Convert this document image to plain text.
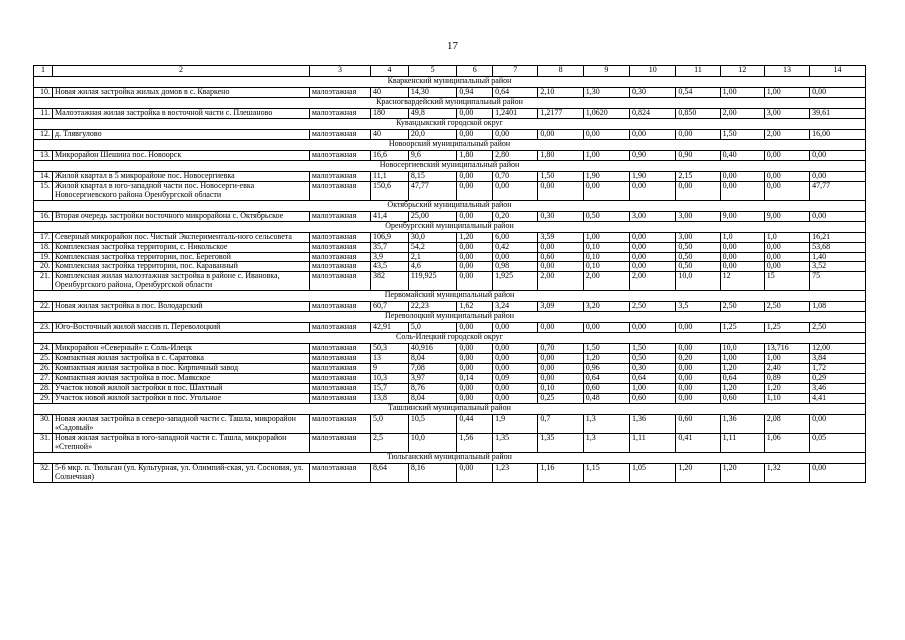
17
1	2	3	4	5	6	7	8	9	10	11	12	13	14
Кваркенский муниципальный район													
10.	Новая жилая застройка жилых домов в с. Кваркено	малоэтажная	40	14,30	0,94	0,64	2,10	1,30	0,30	0,54	1,00	1,00	0,00
Красногвардейский муниципальный район													
11.	Малоэтажная жилая застройка в восточной части с. Плешаново	малоэтажная	180	49,8	0,00	1,2401	1,2177	1,0620	0,824	0,850	2,00	3,00	39,61
Кувандыкский городской округ													
12.	д. Тлявгулово	малоэтажная	40	20,0	0,00	0,00	0,00	0,00	0,00	0,00	1,50	2,00	16,00
Новоорский муниципальный район													
13.	Микрорайон Шешина пос. Новоорск	малоэтажная	16,6	9,6	1,80	2,80	1,80	1,00	0,90	0,90	0,40	0,00	0,00
Новосергиевский муниципальный район													
14.	Жилой квартал в 5 микрорайоне пос. Новосергиевка	малоэтажная	11,1	8,15	0,00	0,70	1,50	1,90	1,90	2,15	0,00	0,00	0,00
15.	Жилой квартал в юго-западной части пос. Новосерги-евка Новосергиевского района Оренбургской области	малоэтажная	150,6	47,77	0,00	0,00	0,00	0,00	0,00	0,00	0,00	0,00	47,77
Октябрьский муниципальный район													
16.	Вторая очередь застройки восточного микрорайона с. Октябрьское	малоэтажная	41,4	25,00	0,00	0,20	0,30	0,50	3,00	3,00	9,00	9,00	0,00
Оренбургский муниципальный район													
17.	Северный микрорайон пос. Чистый Эксперименталь-ного сельсовета	малоэтажная	106,9	30,0	1,20	6,00	3,59	1,00	0,00	3,00	1,0	1,0	16,21
18.	Комплексная застройка территории, с. Никольское	малоэтажная	35,7	54,2	0,00	0,42	0,00	0,10	0,00	0,50	0,00	0,00	53,68
19.	Комплексная застройка территории, пос. Береговой	малоэтажная	3,9	2,1	0,00	0,00	0,60	0,10	0,00	0,50	0,00	0,00	1,40
20.	Комплексная застройка территории, пос. Караванный	малоэтажная	43,5	4,6	0,00	0,98	0,00	0,10	0,00	0,50	0,00	0,00	3,52
21.	Комплексная жилая малоэтажная застройка в районе с. Ивановка, Оренбургского района, Оренбургской области	малоэтажная	382	119,925	0,00	1,925	2,00	2,00	2,00	10,0	12	15	75
Первомайский муниципальный район													
22.	Новая жилая застройка в пос. Володарский	малоэтажная	60,7	22,23	1,62	3,24	3,09	3,20	2,50	3,5	2,50	2,50	1,08
Переволоцкий муниципальный район													
23.	Юго-Восточный жилой массив п. Переволоцкий	малоэтажная	42,91	5,0	0,00	0,00	0,00	0,00	0,00	0,00	1,25	1,25	2,50
Соль-Илецкий городской округ													
24.	Микрорайон «Северный» г. Соль-Илецк	малоэтажная	50,3	40,916	0,00	0,00	0,70	1,50	1,50	0,00	10,0	13,716	12,00
25.	Компактная жилая застройка в с. Саратовка	малоэтажная	13	8,04	0,00	0,00	0,00	1,20	0,50	0,20	1,00	1,00	3,84
26.	Компактная жилая застройка в пос. Кирпичный завод	малоэтажная	9	7,08	0,00	0,00	0,00	0,96	0,30	0,00	1,20	2,40	1,72
27.	Компактная жилая застройка в пос. Маякское	малоэтажная	10,3	3,97	0,14	0,09	0,00	0,64	0,64	0,00	0,64	0,89	0,29
28.	Участок новой жилой застройки в пос. Шахтный	малоэтажная	15,7	8,76	0,00	0,00	0,10	0,60	1,00	0,00	1,20	1,20	3,46
29.	Участок новой жилой застройки в пос. Угольное	малоэтажная	13,8	8,04	0,00	0,00	0,25	0,48	0,60	0,00	0,60	1,10	4,41
Ташлинский муниципальный район													
30.	Новая жилая застройка в северо-западной части с. Ташла, микрорайон «Садовый»	малоэтажная	5,0	10,5	0,44	1,9	0,7	1,3	1,36	0,60	1,36	2,08	0,00
31.	Новая жилая застройка в юго-западной части с. Ташла, микрорайон «Степной»	малоэтажная	2,5	10,0	1,56	1,35	1,35	1,3	1,11	0,41	1,11	1,06	0,05
Тюльганский муниципальный район													
32.	5-6 мкр. п. Тюльган (ул. Культурная, ул. Олимпий-ская, ул. Сосновая, ул. Солнечная)	малоэтажная	8,64	8,16	0,00	1,23	1,16	1,15	1,05	1,20	1,20	1,32	0,00
